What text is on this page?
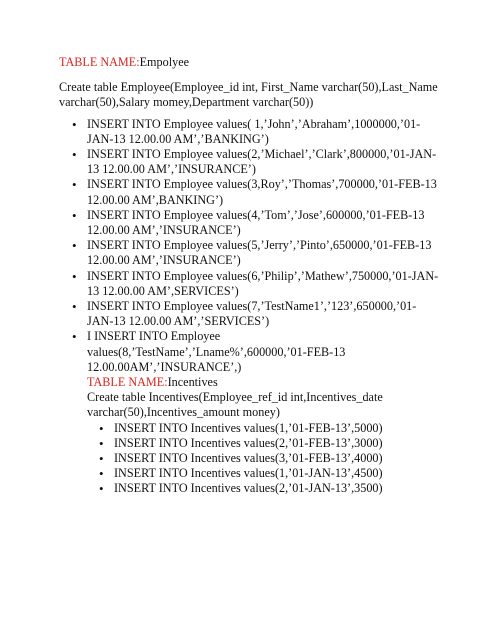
TABLE NAME:Empolyee

Create table Employee(Employee_id int, First_Name varchar(50),Last_Name varchar(50),Salary momey,Department varchar(50))

• INSERT INTO Employee values( 1,’John’,’Abraham’,1000000,’01-JAN-13 12.00.00 AM’,’BANKING’)
• INSERT INTO Employee values(2,’Michael’,’Clark’,800000,’01-JAN-13 12.00.00 AM’,’INSURANCE’)
• INSERT INTO Employee values(3,Roy’,’Thomas’,700000,’01-FEB-13 12.00.00 AM’,BANKING’)
• INSERT INTO Employee values(4,’Tom’,’Jose’,600000,’01-FEB-13 12.00.00 AM’,’INSURANCE’)
• INSERT INTO Employee values(5,’Jerry’,’Pinto’,650000,’01-FEB-13 12.00.00 AM’,’INSURANCE’)
• INSERT INTO Employee values(6,’Philip’,’Mathew’,750000,’01-JAN-13 12.00.00 AM’,SERVICES’)
• INSERT INTO Employee values(7,’TestName1’,’123’,650000,’01-JAN-13 12.00.00 AM’,’SERVICES’)
• I INSERT INTO Employee values(8,’TestName’,’Lname%’,600000,’01-FEB-13 12.00.00AM’,’INSURANCE’,)
TABLE NAME:Incentives
Create table Incentives(Employee_ref_id int,Incentives_date varchar(50),Incentives_amount money)
• INSERT INTO Incentives values(1,’01-FEB-13’,5000)
• INSERT INTO Incentives values(2,’01-FEB-13’,3000)
• INSERT INTO Incentives values(3,’01-FEB-13’,4000)
• INSERT INTO Incentives values(1,’01-JAN-13’,4500)
• INSERT INTO Incentives values(2,’01-JAN-13’,3500)
